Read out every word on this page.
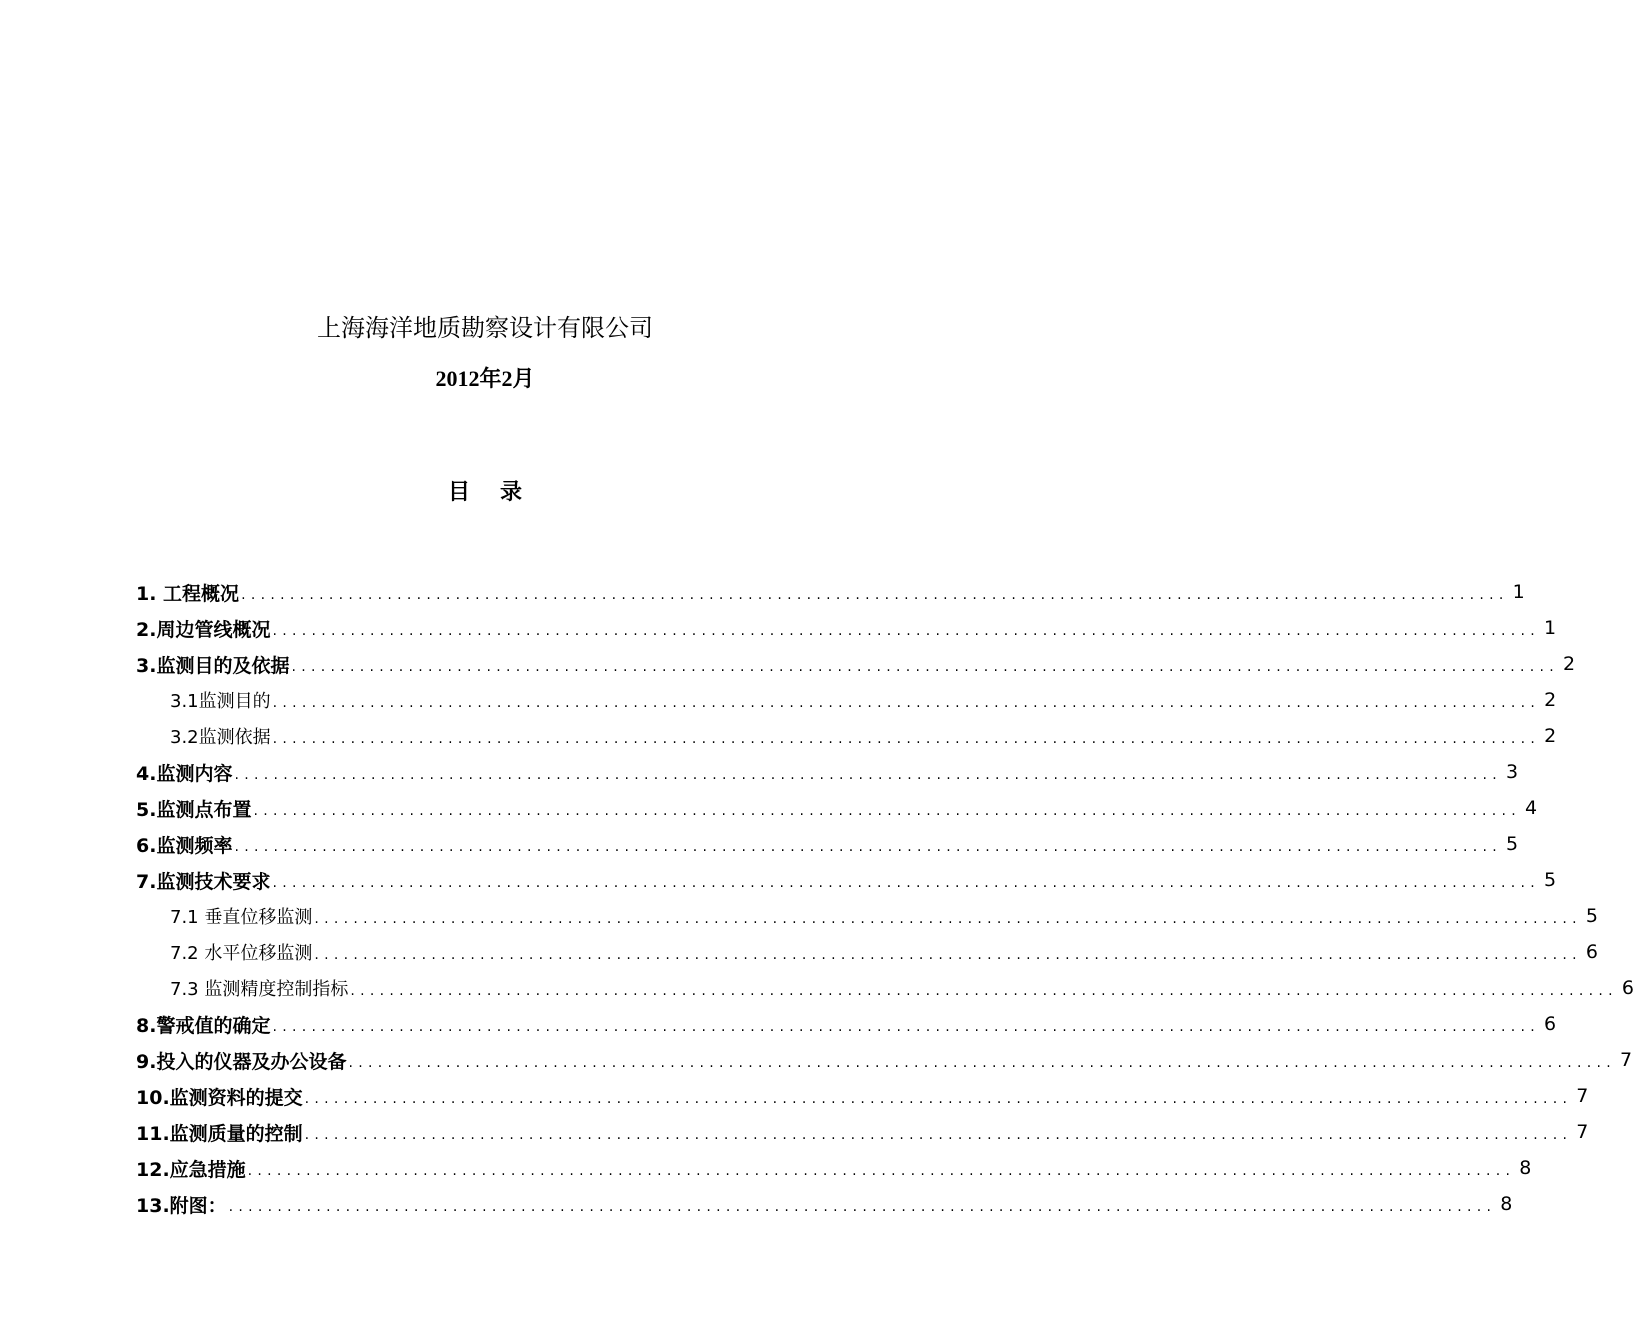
上海海洋地质勘察设计有限公司
2012年2月
目录
1. 工程概况 .................................................................................................................................. 1
2.周边管线概况 .................................................................................................................................. 1
3.监测目的及依据 .................................................................................................................................. 2
3.1监测目的 .................................................................................................................................. 2
3.2监测依据 .................................................................................................................................. 2
4.监测内容 .................................................................................................................................. 3
5.监测点布置 .................................................................................................................................. 4
6.监测频率 .................................................................................................................................. 5
7.监测技术要求 .................................................................................................................................. 5
7.1 垂直位移监测 .................................................................................................................................. 5
7.2 水平位移监测 .................................................................................................................................. 6
7.3 监测精度控制指标 .................................................................................................................................. 6
8.警戒值的确定 .................................................................................................................................. 6
9.投入的仪器及办公设备 .................................................................................................................................. 7
10.监测资料的提交 .................................................................................................................................. 7
11.监测质量的控制 .................................................................................................................................. 7
12.应急措施 .................................................................................................................................. 8
13.附图： .................................................................................................................................. 8
